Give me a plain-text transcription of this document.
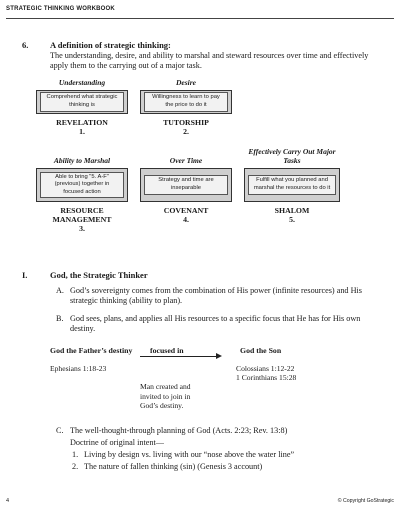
STRATEGIC THINKING WORKBOOK
6.	A definition of strategic thinking:
The understanding, desire, and ability to marshal and steward resources over time and effectively apply them to the carrying out of a major task.
Understanding
Comprehend what strategic thinking is
REVELATION
1.
Desire
Willingness to learn to pay the price to do it
TUTORSHIP
2.
Ability to Marshal
Able to bring "5. A-F" (previous) together in focused action
RESOURCE MANAGEMENT
3.
Over Time
Strategy and time are inseparable
COVENANT
4.
Effectively Carry Out Major Tasks
Fulfill what you planned and marshal the resources to do it
SHALOM
5.
I.	God, the Strategic Thinker
A. God’s sovereignty comes from the combination of His power (infinite resources) and His strategic thinking (ability to plan).
B. God sees, plans, and applies all His resources to a specific focus that He has for His own destiny.
God the Father’s destiny focused in	God the Son
Ephesians 1:18-23	Colossians 1:12-22
1 Corinthians 15:28
Man created and invited to join in God’s destiny.
C. The well-thought-through planning of God (Acts. 2:23; Rev. 13:8)
Doctrine of original intent—
1. Living by design vs. living with our “nose above the water line”
2. The nature of fallen thinking (sin) (Genesis 3 account)
4	© Copyright GoStrategic
